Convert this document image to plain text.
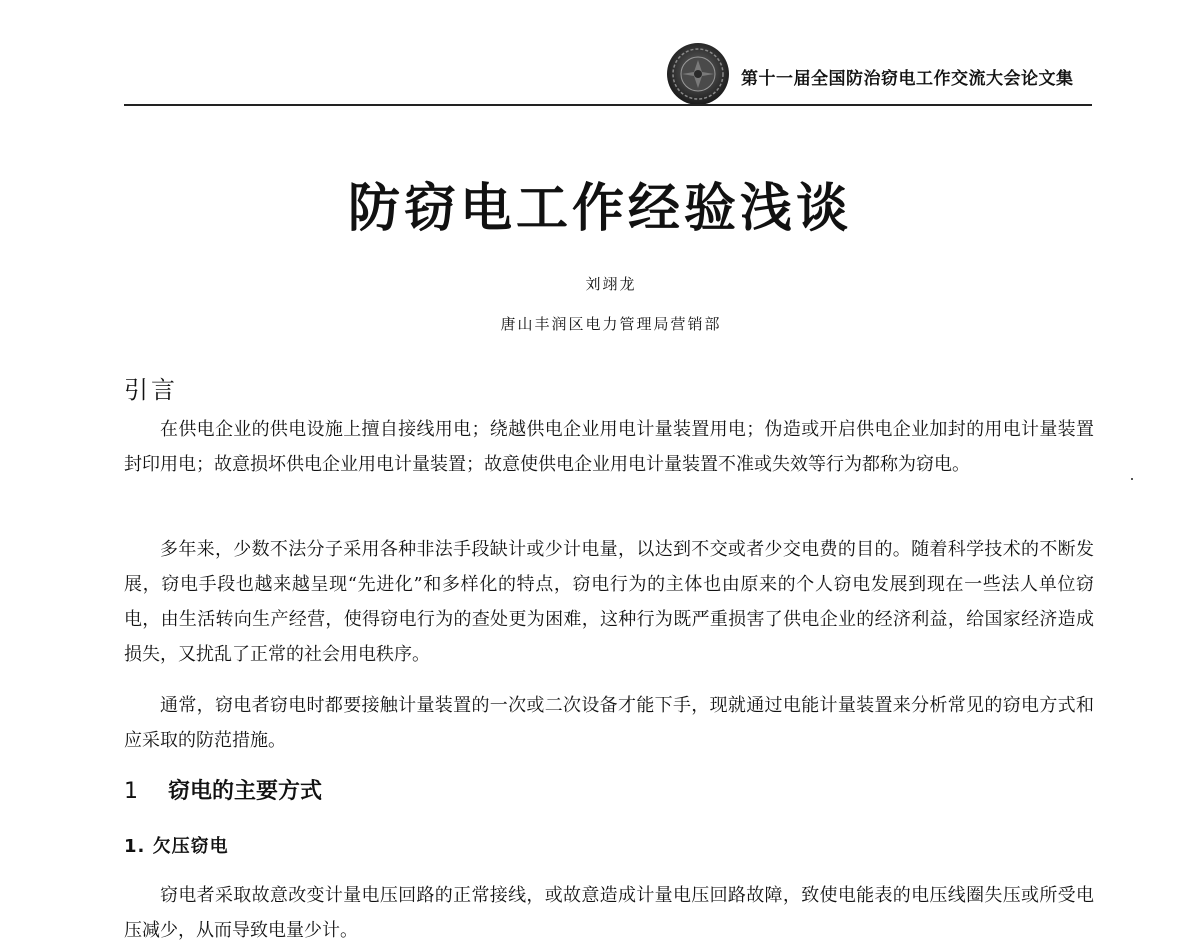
第十一届全国防治窃电工作交流大会论文集
防窃电工作经验浅谈
刘翊龙
唐山丰润区电力管理局营销部
引言

在供电企业的供电设施上擅自接线用电；绕越供电企业用电计量装置用电；伪造或开启供电企业加封的用电计量装置封印用电；故意损坏供电企业用电计量装置；故意使供电企业用电计量装置不准或失效等行为都称为窃电。

多年来，少数不法分子采用各种非法手段缺计或少计电量，以达到不交或者少交电费的目的。随着科学技术的不断发展，窃电手段也越来越呈现“先进化”和多样化的特点，窃电行为的主体也由原来的个人窃电发展到现在一些法人单位窃电，由生活转向生产经营，使得窃电行为的查处更为困难，这种行为既严重损害了供电企业的经济利益，给国家经济造成损失，又扰乱了正常的社会用电秩序。

通常，窃电者窃电时都要接触计量装置的一次或二次设备才能下手，现就通过电能计量装置来分析常见的窃电方式和应采取的防范措施。

1 窃电的主要方式
1. 欠压窃电

窃电者采取故意改变计量电压回路的正常接线，或故意造成计量电压回路故障，致使电能表的电压线圈失压或所受电压减少，从而导致电量少计。
